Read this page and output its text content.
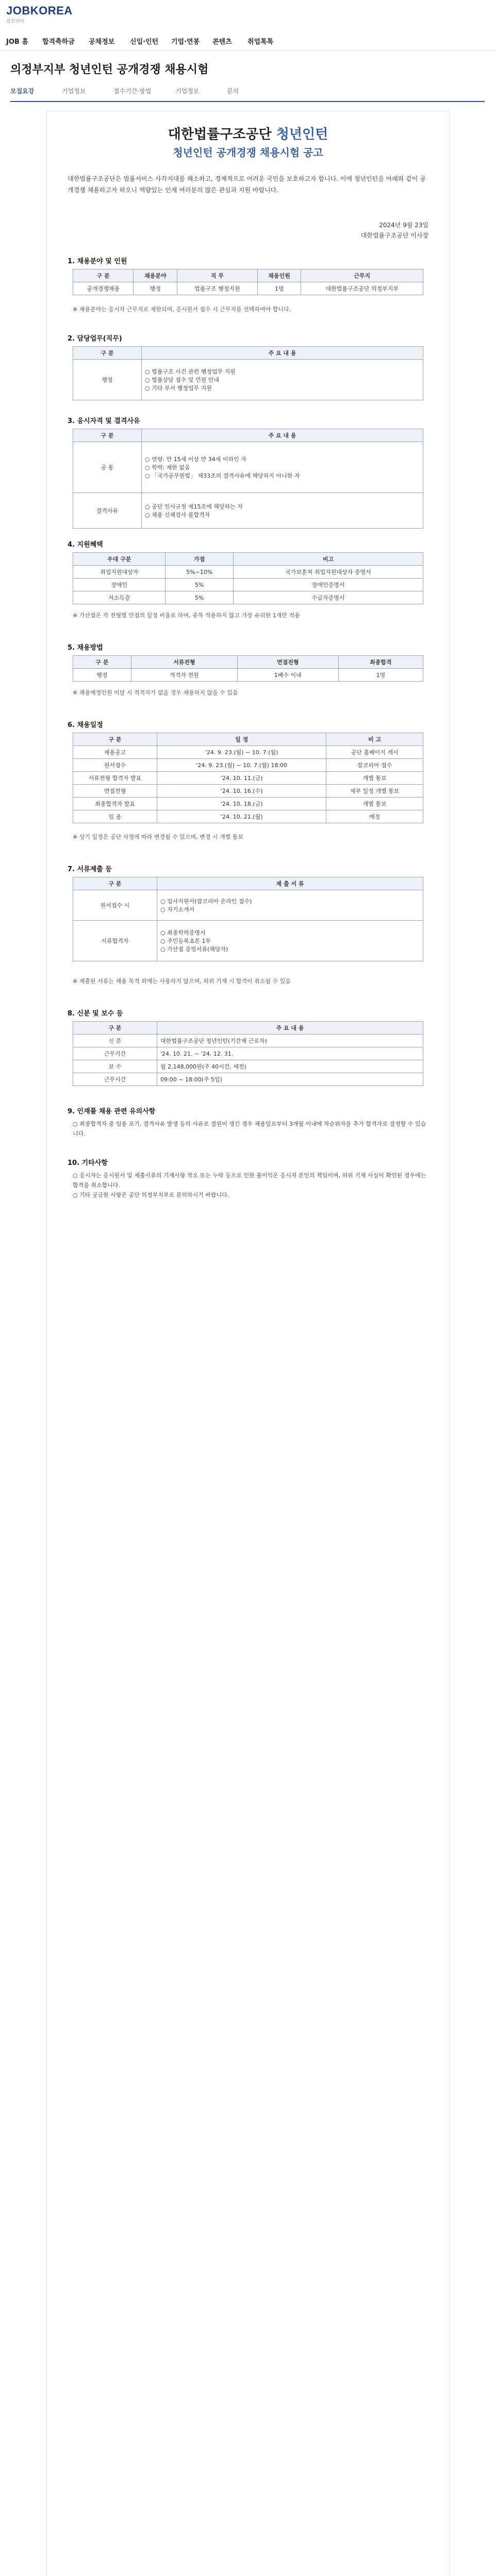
JOBKOREA
잡코리아
JOB 홈 합격축하금 공채정보 신입·인턴 기업·연봉 콘텐츠 취업톡톡
의정부지부 청년인턴 공개경쟁 채용시험
모집요강	기업정보	접수기간·방법	기업정보	문의
대한법률구조공단 청년인턴
청년인턴 공개경쟁 채용시험 공고
대한법률구조공단은 법률서비스 사각지대를 해소하고, 경제적으로 어려운 국민을 보호하고자 합니다. 이에 청년인턴을 아래와 같이 공개경쟁 채용하고자 하오니 역량있는 인재 여러분의 많은 관심과 지원 바랍니다.
2024년 9월 23일
대한법률구조공단 이사장
1. 채용분야 및 인원
구 분	채용분야	직 무	채용인원	근무지
공개경쟁채용	행정	법률구조 행정지원	1명	대한법률구조공단 의정부지부
※ 채용분야는 응시자 근무지로 제한되며, 응시원서 접수 시 근무지를 선택하여야 합니다.
2. 담당업무(직무)
구 분	주 요 내 용
행정	○ 법률구조 사건 관련 행정업무 지원
○ 법률상담 접수 및 민원 안내
○ 기타 부서 행정업무 지원
3. 응시자격 및 결격사유
구 분	주 요 내 용
공 통	○ 연령: 만 15세 이상 만 34세 이하인 자
○ 학력: 제한 없음
○ 「국가공무원법」 제33조의 결격사유에 해당하지 아니한 자
결격사유	○ 공단 인사규정 제15조에 해당하는 자
○ 채용 신체검사 불합격자
4. 지원혜택
우대 구분	가점	비고
취업지원대상자	5%~10%	국가보훈처 취업지원대상자 증명서
장애인	5%	장애인증명서
저소득층	5%	수급자증명서
※ 가산점은 각 전형별 만점의 일정 비율로 하며, 중복 적용하지 않고 가장 유리한 1개만 적용
5. 채용방법
구 분	서류전형	면접전형	최종합격
행정	적격자 전원	1배수 이내	1명
※ 채용예정인원 미달 시 적격자가 없을 경우 채용하지 않을 수 있음
6. 채용일정
구 분	일 정	비 고
채용공고	'24. 9. 23.(월) ~ 10. 7.(월)	공단 홈페이지 게시
원서접수	'24. 9. 23.(월) ~ 10. 7.(월) 18:00	잡코리아 접수
서류전형 합격자 발표	'24. 10. 11.(금)	개별 통보
면접전형	'24. 10. 16.(수)	세부 일정 개별 통보
최종합격자 발표	'24. 10. 18.(금)	개별 통보
임 용	'24. 10. 21.(월)	예정
※ 상기 일정은 공단 사정에 따라 변경될 수 있으며, 변경 시 개별 통보
7. 서류제출 등
구 분	제 출 서 류
원서접수 시	○ 입사지원서(잡코리아 온라인 접수)
○ 자기소개서
서류합격자	○ 최종학력증명서
○ 주민등록초본 1부
○ 가산점 증빙서류(해당자)
※ 제출된 서류는 채용 목적 외에는 사용하지 않으며, 허위 기재 시 합격이 취소될 수 있음
8. 신분 및 보수 등
구 분	주 요 내 용
신 분	대한법률구조공단 청년인턴(기간제 근로자)
근무기간	'24. 10. 21. ~ '24. 12. 31.
보 수	월 2,148,000원(주 40시간, 세전)
근무시간	09:00 ~ 18:00(주 5일)
9. 인재풀 채용 관련 유의사항
○ 최종합격자 중 임용 포기, 결격사유 발생 등의 사유로 결원이 생긴 경우 채용일로부터 3개월 이내에 차순위자를 추가 합격자로 결정할 수 있습니다.
10. 기타사항
○ 응시자는 응시원서 및 제출서류의 기재사항 착오 또는 누락 등으로 인한 불이익은 응시자 본인의 책임이며, 허위 기재 사실이 확인된 경우에는 합격을 취소합니다.
○ 기타 궁금한 사항은 공단 의정부지부로 문의하시기 바랍니다.
